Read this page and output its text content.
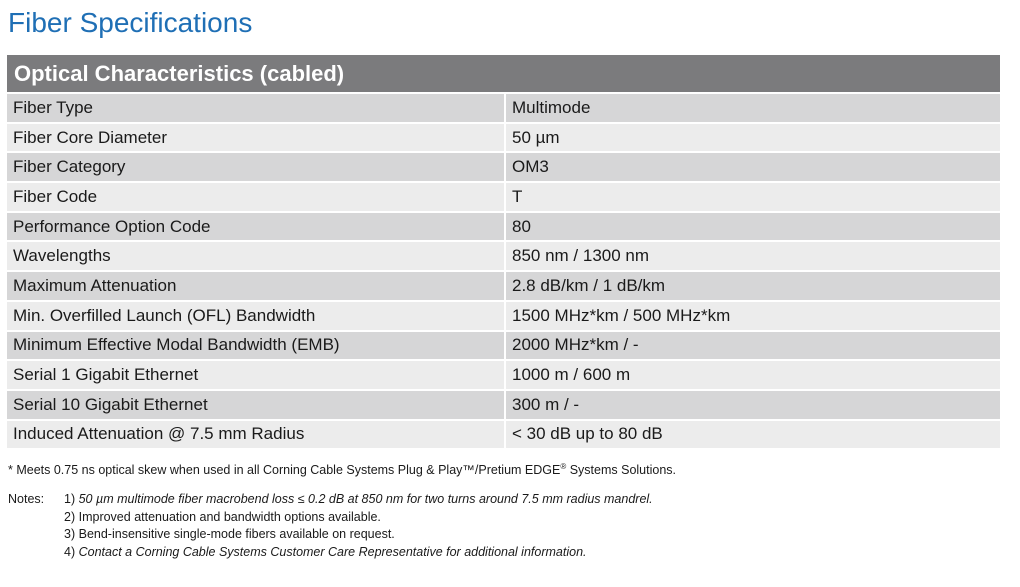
Fiber Specifications
Optical Characteristics (cabled)	
Fiber Type	Multimode
Fiber Core Diameter	50 µm
Fiber Category	OM3
Fiber Code	T
Performance Option Code	80
Wavelengths	850 nm / 1300 nm
Maximum Attenuation	2.8 dB/km / 1 dB/km
Min. Overfilled Launch (OFL) Bandwidth	1500 MHz*km / 500 MHz*km
Minimum Effective Modal Bandwidth (EMB)	2000 MHz*km / -
Serial 1 Gigabit Ethernet	1000 m / 600 m
Serial 10 Gigabit Ethernet	300 m / -
Induced Attenuation @ 7.5 mm Radius	< 30 dB up to 80 dB
* Meets 0.75 ns optical skew when used in all Corning Cable Systems Plug & Play™/Pretium EDGE® Systems Solutions.
Notes: 1) 50 µm multimode fiber macrobend loss ≤ 0.2 dB at 850 nm for two turns around 7.5 mm radius mandrel.
2) Improved attenuation and bandwidth options available.
3) Bend-insensitive single-mode fibers available on request.
4) Contact a Corning Cable Systems Customer Care Representative for additional information.
